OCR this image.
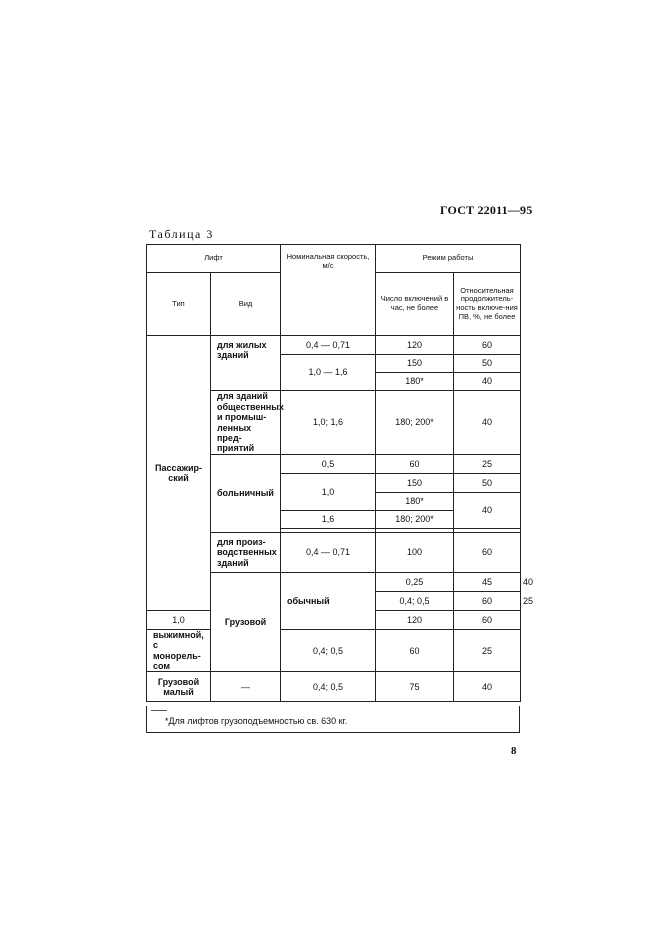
ГОСТ 22011—95
Таблица 3
Лифт		Номинальная скорость, м/с	Режим работы		
Тип	Вид		Число включений в час, не более	Относительная продолжитель-ность включе-ния ПВ, %, не более	
Пассажир-ский	для жилых зданий	0,4 — 0,71	120	60	
		1,0 — 1,6	150	50	
			180*	40	
	для зданий общественных и промыш-ленных пред-приятий	1,0; 1,6	180; 200*	40	
	больничный	0,5	60	25	
		1,0	150	50	
			180*	40	
		1,6	180; 200*		

	для произ-водственных зданий	0,4 — 0,71	100	60	
	Грузовой	обычный	0,25	45	40
			0,4; 0,5	60	25
1,0			120	60	
выжимной, с монорель-сом		0,4; 0,5	60	25	
Грузовой малый	—	0,4; 0,5	75	40	
*Для лифтов грузоподъемностью св. 630 кг.
8
